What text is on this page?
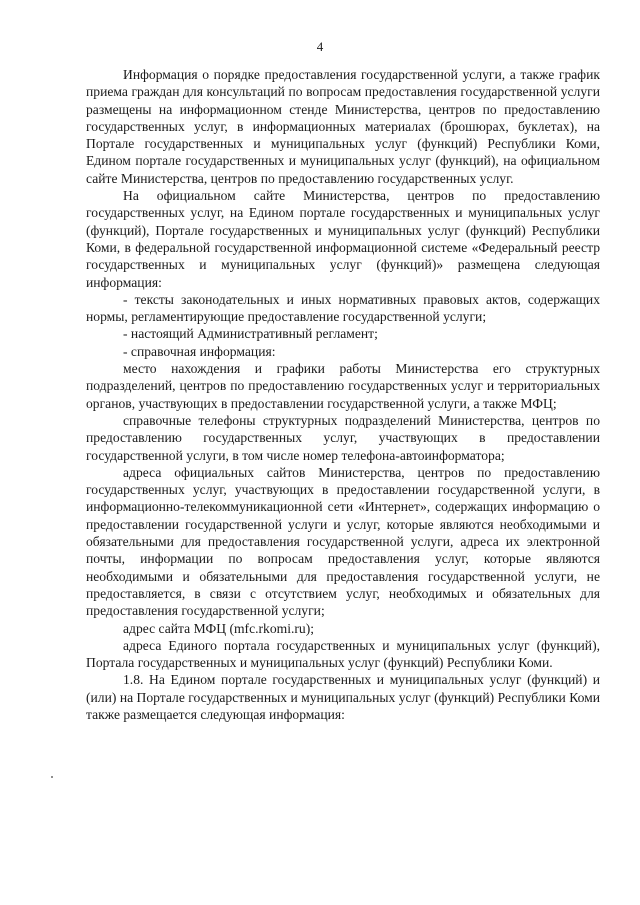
4

Информация о порядке предоставления государственной услуги, а также график приема граждан для консультаций по вопросам предоставления государственной услуги размещены на информационном стенде Министерства, центров по предоставлению государственных услуг, в информационных материалах (брошюрах, буклетах), на Портале государственных и муниципальных услуг (функций) Республики Коми, Едином портале государственных и муниципальных услуг (функций), на официальном сайте Министерства, центров по предоставлению государственных услуг.

На официальном сайте Министерства, центров по предоставлению государственных услуг, на Едином портале государственных и муниципальных услуг (функций), Портале государственных и муниципальных услуг (функций) Республики Коми, в федеральной государственной информационной системе «Федеральный реестр государственных и муниципальных услуг (функций)» размещена следующая информация:

- тексты законодательных и иных нормативных правовых актов, содержащих нормы, регламентирующие предоставление государственной услуги;

- настоящий Административный регламент;

- справочная информация:

место нахождения и графики работы Министерства его структурных подразделений, центров по предоставлению государственных услуг и территориальных органов, участвующих в предоставлении государственной услуги, а также МФЦ;

справочные телефоны структурных подразделений Министерства, центров по предоставлению государственных услуг, участвующих в предоставлении государственной услуги, в том числе номер телефона-автоинформатора;

адреса официальных сайтов Министерства, центров по предоставлению государственных услуг, участвующих в предоставлении государственной услуги, в информационно-телекоммуникационной сети «Интернет», содержащих информацию о предоставлении государственной услуги и услуг, которые являются необходимыми и обязательными для предоставления государственной услуги, адреса их электронной почты, информации по вопросам предоставления услуг, которые являются необходимыми и обязательными для предоставления государственной услуги, не предоставляется, в связи с отсутствием услуг, необходимых и обязательных для предоставления государственной услуги;

адрес сайта МФЦ (mfc.rkomi.ru);

адреса Единого портала государственных и муниципальных услуг (функций), Портала государственных и муниципальных услуг (функций) Республики Коми.

1.8. На Едином портале государственных и муниципальных услуг (функций) и (или) на Портале государственных и муниципальных услуг (функций) Республики Коми также размещается следующая информация:
